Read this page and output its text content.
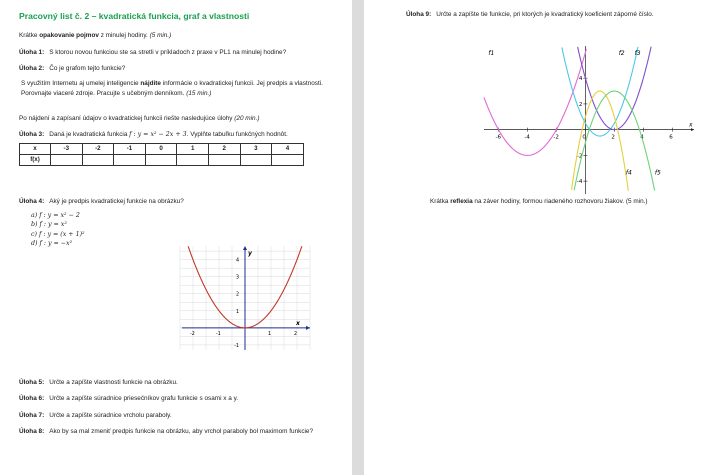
Pracovný list č. 2 – kvadratická funkcia, graf a vlastnosti
Krátke opakovanie pojmov z minulej hodiny. (5 min.)
Úloha 1: S ktorou novou funkciou ste sa stretli v príkladoch z praxe v PL1 na minulej hodine?
Úloha 2: Čo je grafom tejto funkcie?
S využitím Internetu aj umelej inteligencie nájdite informácie o kvadratickej funkcii. Jej predpis a vlastnosti. Porovnajte viaceré zdroje. Pracujte s učebným denníkom. (15 min.)
Po nájdení a zapísaní údajov o kvadratickej funkcii riešte nasledujúce úlohy (20 min.)
Úloha 3: Daná je kvadratická funkcia f : y = x² − 2x + 3. Vyplňte tabuľku funkčných hodnôt.
x	-3	-2	-1	0	1	2	3	4
f(x)								
Úloha 4: Aký je predpis kvadratickej funkcie na obrázku?
a) f : y = x² − 2
b) f : y = x²
c) f : y = (x + 1)²
d) f : y = −x²
Úloha 5: Určte a zapíšte vlastnosti funkcie na obrázku.
Úloha 6: Určte a zapíšte súradnice priesečníkov grafu funkcie s osami x a y.
Úloha 7: Určte a zapíšte súradnice vrcholu paraboly.
Úloha 8: Ako by sa mal zmeniť predpis funkcie na obrázku, aby vrchol paraboly bol maximom funkcie?
x
y
-2	-1	1	2
4
3
2
1
-1
Úloha 9: Určte a zapíšte tie funkcie, pri ktorých je kvadratický koeficient záporné číslo.
x
-6	-4	-2	0	2	4	6
4
2
-2
-4
f1	f2 f3
f4	f5
Krátka reflexia na záver hodiny, formou riadeného rozhovoru žiakov. (5 min.)
